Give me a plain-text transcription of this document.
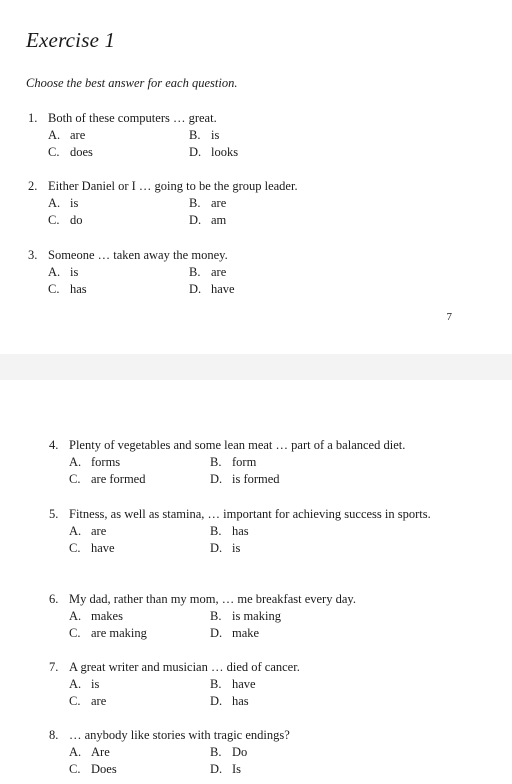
Exercise 1
Choose the best answer for each question.
1. Both of these computers … great.
A. are	B. is
C. does	D. looks
2. Either Daniel or I … going to be the group leader.
A. is	B. are
C. do	D. am
3. Someone … taken away the money.
A. is	B. are
C. has	D. have
7
4. Plenty of vegetables and some lean meat … part of a balanced diet.
A. forms	B. form
C. are formed	D. is formed
5. Fitness, as well as stamina, … important for achieving success in sports.
A. are	B. has
C. have	D. is
6. My dad, rather than my mom, … me breakfast every day.
A. makes	B. is making
C. are making	D. make
7. A great writer and musician … died of cancer.
A. is	B. have
C. are	D. has
8. … anybody like stories with tragic endings?
A. Are	B. Do
C. Does	D. Is
